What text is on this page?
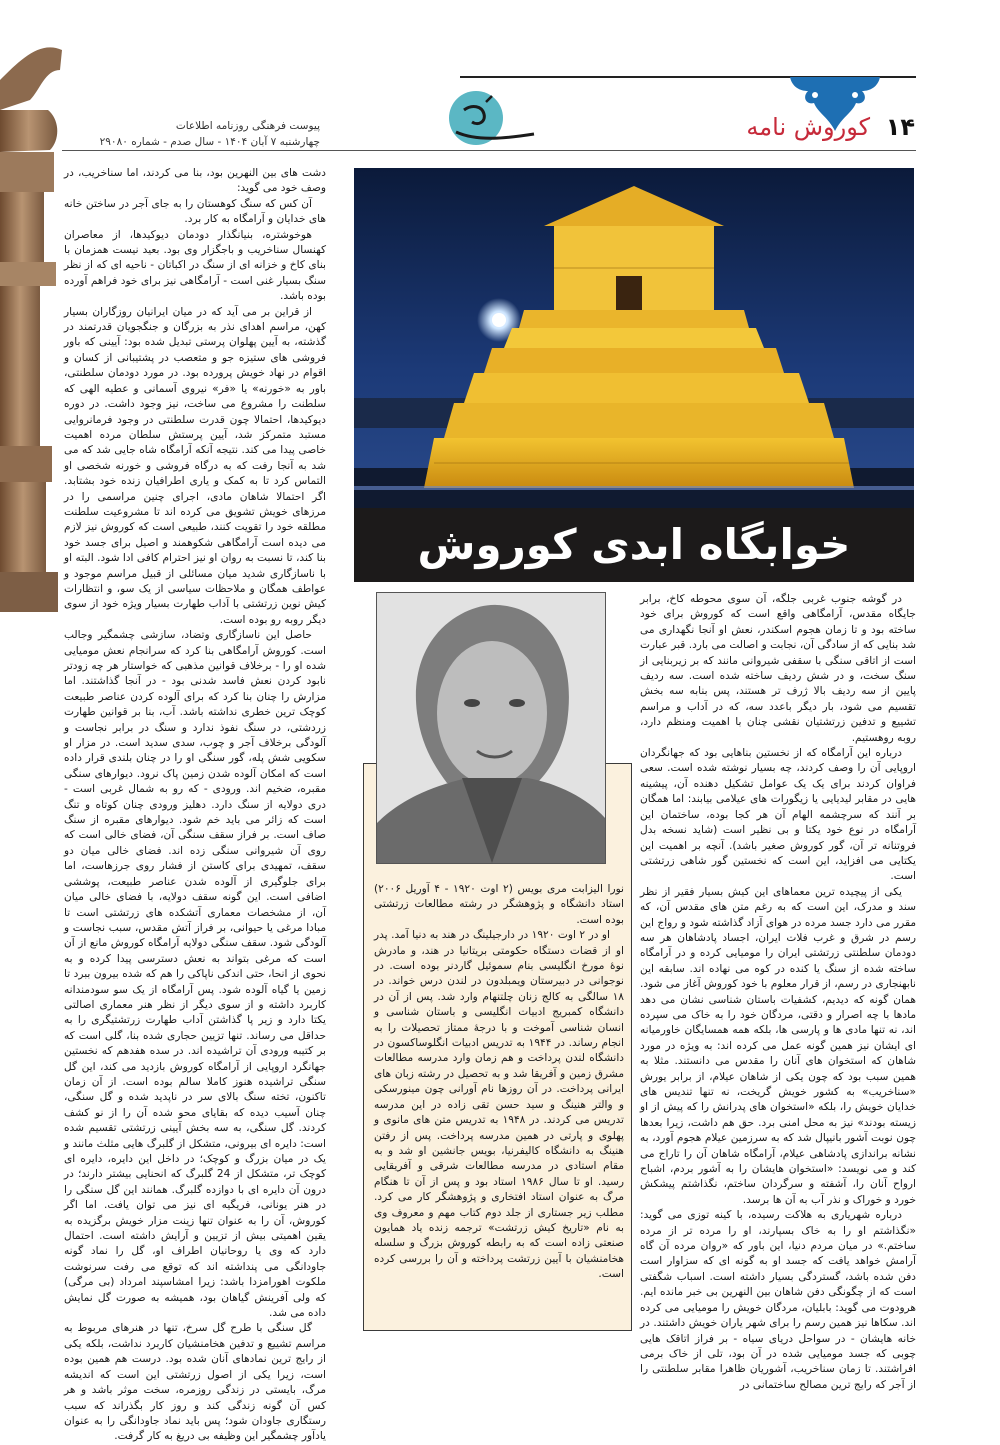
۱۴ کوروش نامه
پیوست فرهنگی روزنامه اطلاعات
چهارشنبه ۷ آبان ۱۴۰۴ - سال صدم - شماره ۲۹۰۸۰
خوابگاه ابدی کوروش

نورا الیزابت مری بویس (۲ اوت ۱۹۲۰ - ۴ آوریل ۲۰۰۶) استاد دانشگاه و پژوهشگر در رشته مطالعات زرتشتی بوده است.

او در ۲ اوت ۱۹۲۰ در دارجیلینگ در هند به دنیا آمد. پدر او از قضات دستگاه حکومتی بریتانیا در هند، و مادرش نوهٔ مورخ انگلیسی بنام سموئیل گاردنر بوده است. در نوجوانی در دبیرستان ویمبلدون در لندن درس خواند. در ۱۸ سالگی به کالج زنان چلتنهام وارد شد. پس از آن در دانشگاه کمبریج ادبیات انگلیسی و باستان شناسی و انسان شناسی آموخت و با درجهٔ ممتاز تحصیلات را به انجام رساند. در ۱۹۴۴ به تدریس ادبیات انگلوساکسون در دانشگاه لندن پرداخت و هم زمان وارد مدرسه مطالعات مشرق زمین و آفریقا شد و به تحصیل در رشته زبان های ایرانی پرداخت. در آن روزها نام آورانی چون مینورسکی و والتر هنینگ و سید حسن تقی زاده در این مدرسه تدریس می کردند. در ۱۹۴۸ به تدریس متن های مانوی و پهلوی و پارتی در همین مدرسه پرداخت. پس از رفتن هنینگ به دانشگاه کالیفرنیا، بویس جانشین او شد و به مقام استادی در مدرسه مطالعات شرقی و آفریقایی رسید. او تا سال ۱۹۸۶ استاد بود و پس از آن تا هنگام مرگ به عنوان استاد افتخاری و پژوهشگر کار می کرد. مطلب زیر جستاری از جلد دوم کتاب مهم و معروف وی به نام «تاریخ کیش زرتشت» ترجمه زنده یاد همایون صنعتی زاده است که به رابطه کوروش بزرگ و سلسله هخامنشیان با آیین زرتشت پرداخته و آن را بررسی کرده است.

در گوشه جنوب غربی جلگه، آن سوی محوطه کاخ، برابر جایگاه مقدس، آرامگاهی واقع است که کوروش برای خود ساخته بود و تا زمان هجوم اسکندر، نعش او آنجا نگهداری می شد بنایی که از سادگی آن، نجابت و اصالت می بارد. قبر عبارت است از اتاقی سنگی با سقفی شیروانی مانند که بر زیربنایی از سنگ سخت، و در شش ردیف ساخته شده است. سه ردیف پایین از سه ردیف بالا ژرف تر هستند، پس بنابه سه بخش تقسیم می شود، بار دیگر باعدد سه، که در آداب و مراسم تشییع و تدفین زرتشتیان نقشی چنان با اهمیت ومنظم دارد، روبه روهستیم.

درباره این آرامگاه که از نخستین بناهایی بود که جهانگردان اروپایی آن را وصف کردند، چه بسیار نوشته شده است. سعی فراوان کردند برای یک یک عوامل تشکیل دهنده آن، پیشینه هایی در مقابر لیدیایی یا زیگورات های عیلامی بیابند: اما همگان بر آنند که سرچشمه الهام آن هر کجا بوده، ساختمان این آرامگاه در نوع خود یکتا و بی نظیر است (شاید نسخه بدل فروتنانه تر آن، گور کوروش صغیر باشد). آنچه بر اهمیت این یکتایی می افزاید، این است که نخستین گور شاهی زرتشتی است.

یکی از پیچیده ترین معماهای این کیش بسیار فقیر از نظر سند و مدرک، این است که به رغم متن های مقدس آن، که مقرر می دارد جسد مرده در هوای آزاد گذاشته شود و رواج این رسم در شرق و غرب فلات ایران، اجساد پادشاهان هر سه دودمان سلطنتی زرتشتی ایران را مومیایی کرده و در آرامگاه ساخته شده از سنگ یا کنده در کوه می نهاده اند. سابقه این نابهنجاری در رسم، از قرار معلوم با خود کوروش آغاز می شود. همان گونه که دیدیم، کشفیات باستان شناسی نشان می دهد مادها با چه اصرار و دقتی، مردگان خود را به خاک می سپرده اند، نه تنها مادی ها و پارسی ها، بلکه همه همسایگان خاورمیانه ای ایشان نیز همین گونه عمل می کرده اند: به ویژه در مورد شاهان که استخوان های آنان را مقدس می دانستند. مثلا به همین سبب بود که چون یکی از شاهان عیلام، از برابر یورش «سناخریب» به کشور خویش گریخت، نه تنها تندیس های خدایان خویش را، بلکه «استخوان های پدرانش را که پیش از او زیسته بودند» نیز به محل امنی برد. حق هم داشت، زیرا بعدها چون نوبت آشور بانیپال شد که به سرزمین عیلام هجوم آورد، به نشانه براندازی پادشاهی عیلام، آرامگاه شاهان آن را تاراج می کند و می نویسد: «استخوان هایشان را به آشور بردم، اشباح ارواح آنان را، آشفته و سرگردان ساختم، نگذاشتم پیشکش خورد و خوراک و نذر آب به آن ها برسد.

درباره شهریاری به هلاکت رسیده، با کینه توزی می گوید: «نگذاشتم او را به خاک بسپارند، او را مرده تر از مرده ساختم.» در میان مردم دنیا، این باور که «روان مرده آن گاه آرامش خواهد یافت که جسد او به گونه ای که سزاوار است دفن شده باشد، گستردگی بسیار داشته است. اسباب شگفتی است که از چگونگی دفن شاهان بین النهرین بی خبر مانده ایم. هرودوت می گوید: بابلیان، مردگان خویش را مومیایی می کرده اند. سکاها نیز همین رسم را برای شهر یاران خویش داشتند. در خانه هایشان - در سواحل دریای سیاه - بر فراز اتاقک هایی چوبی که جسد مومیایی شده در آن بود، تلی از خاک برمی افراشتند. تا زمان سناخریب، آشوریان ظاهرا مقابر سلطنتی را از آجر که رایج ترین مصالح ساختمانی در

دشت های بین النهرین بود، بنا می کردند، اما سناخریب، در وصف خود می گوید:

آن کس که سنگ کوهستان را به جای آجر در ساختن خانه های خدایان و آرامگاه به کار برد.

هوخوشتره، بنیانگذار دودمان دیوکیدها، از معاصران کهنسال سناخریب و باجگزار وی بود. بعید نیست همزمان با بنای کاخ و خزانه ای از سنگ در اکباتان - ناحیه ای که از نظر سنگ بسیار غنی است - آرامگاهی نیز برای خود فراهم آورده بوده باشد.

از قراین بر می آید که در میان ایرانیان روزگاران بسیار کهن، مراسم اهدای نذر به بزرگان و جنگجویان قدرتمند در گذشته، به آیین پهلوان پرستی تبدیل شده بود: آیینی که باور فروشی های ستیزه جو و متعصب در پشتیبانی از کسان و اقوام در نهاد خویش پرورده بود. در مورد دودمان سلطنتی، باور به «خورنه» یا «فر» نیروی آسمانی و عطیه الهی که سلطنت را مشروع می ساخت، نیز وجود داشت. در دوره دیوکیدها، احتمالا چون قدرت سلطنتی در وجود فرمانروایی مستبد متمرکز شد، آیین پرستش سلطان مرده اهمیت خاصی پیدا می کند. نتیجه آنکه آرامگاه شاه جایی شد که می شد به آنجا رفت که به درگاه فروشی و خورنه شخصی او التماس کرد تا به کمک و یاری اطرافیان زنده خود بشتابد. اگر احتمالا شاهان مادی، اجرای چنین مراسمی را در مرزهای خویش تشویق می کرده اند تا مشروعیت سلطنت مطلقه خود را تقویت کنند، طبیعی است که کوروش نیز لازم می دیده است آرامگاهی شکوهمند و اصیل برای جسد خود بنا کند، تا نسبت به روان او نیز احترام کافی ادا شود. البته او با ناسازگاری شدید میان مسائلی از قبیل مراسم موجود و عواطف همگان و ملاحظات سیاسی از یک سو، و انتظارات کیش نوین زرتشتی با آداب طهارت بسیار ویژه خود از سوی دیگر روبه رو بوده است.

حاصل این ناسازگاری وتضاد، سازشی چشمگیر وجالب است. کوروش آرامگاهی بنا کرد که سرانجام نعش مومیایی شده او را - برخلاف قوانین مذهبی که خواستار هر چه زودتر نابود کردن نعش فاسد شدنی بود - در آنجا گذاشتند. اما مزارش را چنان بنا کرد که برای آلوده کردن عناصر طبیعت کوچک ترین خطری نداشته باشد. آب، بنا بر قوانین طهارت زردشتی، در سنگ نفوذ ندارد و سنگ در برابر نجاست و آلودگی برخلاف آجر و چوب، سدی سدید است. در مزار او سکویی شش پله، گور سنگی او را در چنان بلندی قرار داده است که امکان آلوده شدن زمین پاک نرود. دیوارهای سنگی مقبره، ضخیم اند. ورودی - که رو به شمال غربی است - دری دولایه از سنگ دارد. دهلیز ورودی چنان کوتاه و تنگ است که زائر می باید خم شود. دیوارهای مقبره از سنگ صاف است. بر فراز سقف سنگی آن، فضای خالی است که روی آن شیروانی سنگی زده اند. فضای خالی میان دو سقف، تمهیدی برای کاستن از فشار روی جرزهاست، اما برای جلوگیری از آلوده شدن عناصر طبیعت، پوششی اضافی است. این گونه سقف دولایه، با فضای خالی میان آن، از مشخصات معماری آتشکده های زرتشتی است تا مبادا مرغی یا حیوانی، بر فراز آتش مقدس، سبب نجاست و آلودگی شود. سقف سنگی دولایه آرامگاه کوروش مانع از آن است که مرغی بتواند به نعش دسترسی پیدا کرده و به نحوی از انحا، حتی اندکی ناپاکی را هم که شده بیرون ببرد تا زمین یا گیاه آلوده شود. پس آرامگاه از یک سو سودمندانه کاربرد داشته و از سوی دیگر از نظر هنر معماری اصالتی یکتا دارد و زیر پا گذاشتن آداب طهارت زرتشتیگری را به حداقل می رساند. تنها تزیین حجاری شده بنا، گلی است که بر کتیبه ورودی آن تراشیده اند. در سده هفدهم که نخستین جهانگرد اروپایی از آرامگاه کوروش بازدید می کند، این گل سنگی تراشیده هنوز کاملا سالم بوده است. از آن زمان تاکنون، تخته سنگ بالای سر در ناپدید شده و گل سنگی، چنان آسیب دیده که بقایای محو شده آن را از نو کشف کردند. گل سنگی، به سه بخش آیینی زرتشتی تقسیم شده است: دایره ای بیرونی، متشکل از گلبرگ هایی مثلث مانند و یک در میان بزرگ و کوچک؛ در داخل این دایره، دایره ای کوچک تر، متشکل از 24 گلبرگ که انحنایی بیشتر دارند؛ در درون آن دایره ای با دوازده گلبرگ. همانند این گل سنگی را در هنر یونانی، فریگیه ای نیز می توان یافت. اما اگر کوروش، آن را به عنوان تنها زینت مزار خویش برگزیده به یقین اهمیتی بیش از تزیین و آرایش داشته است. احتمال دارد که وی یا روحانیان اطراف او، گل را نماد گونه جاودانگی می پنداشته اند که توقع می رفت سرنوشت ملکوت اهورامزدا باشد: زیرا امشاسپند امرداد (بی مرگی) که ولی آفرینش گیاهان بود، همیشه به صورت گل نمایش داده می شد.

گل سنگی با طرح گل سرخ، تنها در هنرهای مربوط به مراسم تشییع و تدفین هخامنشیان کاربرد نداشت، بلکه یکی از رایج ترین نمادهای آنان شده بود. درست هم همین بوده است، زیرا یکی از اصول زرتشتی این است که اندیشه مرگ، بایستی در زندگی روزمره، سخت موثر باشد و هر کس آن گونه زندگی کند و روز کار بگذراند که سبب رستگاری جاودان شود؛ پس باید نماد جاودانگی را به عنوان یادآور چشمگیر این وظیفه بی دریغ به کار گرفت.
